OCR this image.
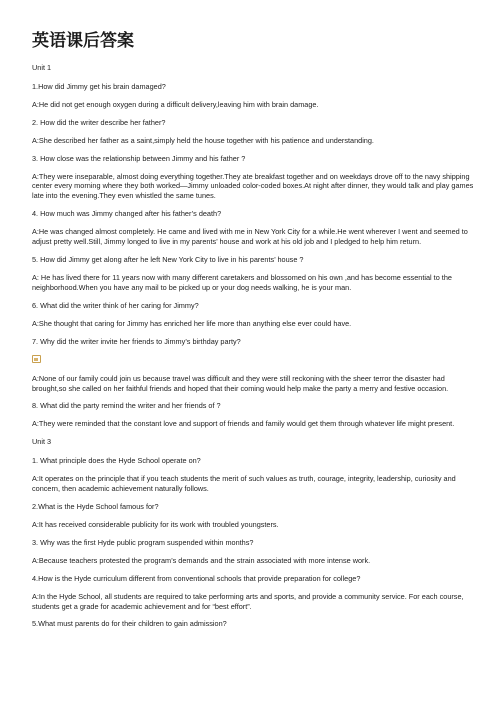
英语课后答案

Unit 1

1.How did Jimmy get his brain damaged?

A:He did not get enough oxygen during a difficult delivery,leaving him with brain damage.

2. How did the writer describe her father?

A:She described her father as a saint,simply held the house together with his patience and understanding.

3. How close was the relationship between Jimmy and his father ?

A:They were inseparable, almost doing everything together.They ate breakfast together and on weekdays drove off to the navy shipping center every morning where they both worked—Jimmy unloaded color-coded boxes.At night after dinner, they would talk and play games late into the evening.They even whistled the same tunes.

4. How much was Jimmy changed after his father’s death?

A:He was changed almost completely. He came and lived with me in New York City for a while.He went wherever I went and seemed to adjust pretty well.Still, Jimmy longed to live in my parents’ house and work at his old job and I pledged to help him return.

5. How did Jimmy get along after he left New York City to live in his parents’ house ?

A: He has lived there for 11 years now with many different caretakers and blossomed on his own ,and has become essential to the neighborhood.When you have any mail to be picked up or your dog needs walking, he is your man.

6. What did the writer think of her caring for Jimmy?

A:She thought that caring for Jimmy has enriched her life more than anything else ever could have.

7. Why did the writer invite her friends to Jimmy’s birthday party?

A:None of our family could join us because travel was difficult and they were still reckoning with the sheer terror the disaster had brought,so she called on her faithful friends and hoped that their coming would help make the party a merry and festive occasion.

8. What did the party remind the writer and her friends of ?

A:They were reminded that the constant love and support of friends and family would get them through whatever life might present.

Unit 3

1. What principle does the Hyde School operate on?

A:It operates on the principle that if you teach students the merit of such values as truth, courage, integrity, leadership, curiosity and concern, then academic achievement naturally follows.

2.What is the Hyde School famous for?

A:It has received considerable publicity for its work with troubled youngsters.

3. Why was the first Hyde public program suspended within months?

A:Because teachers protested the program’s demands and the strain associated with more intense work.

4.How is the Hyde curriculum different from conventional schools that provide preparation for college?

A:In the Hyde School, all students are required to take performing arts and sports, and provide a community service. For each course, students get a grade for academic achievement and for “best effort”.

5.What must parents do for their children to gain admission?
